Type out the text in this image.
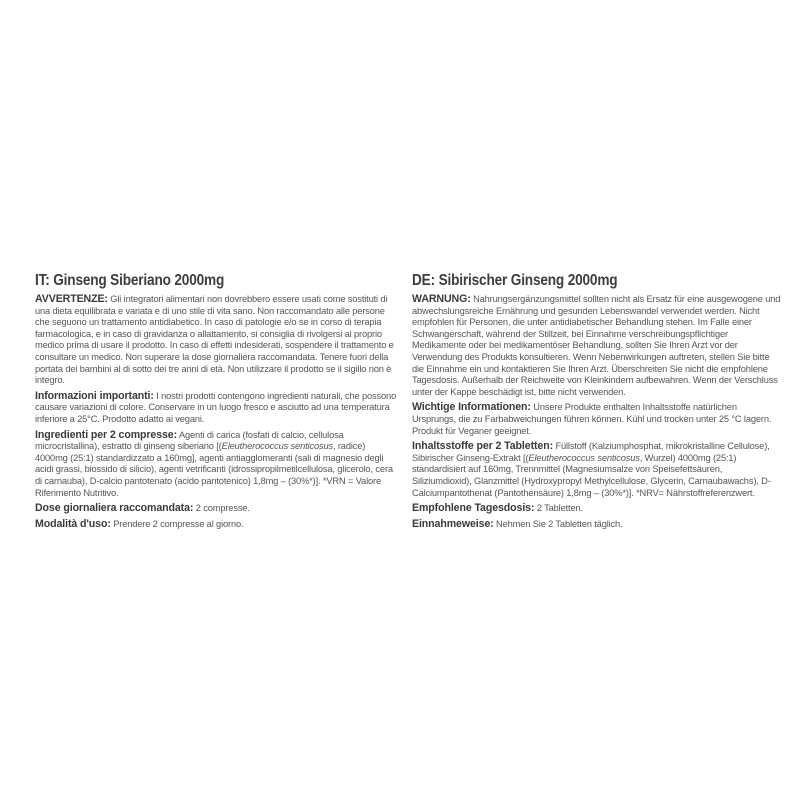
IT: Ginseng Siberiano 2000mg

AVVERTENZE: Gli integratori alimentari non dovrebbero essere usati come sostituti di una dieta equilibrata e variata e di uno stile di vita sano. Non raccomandato alle persone che seguono un trattamento antidiabetico. In caso di patologie e/o se in corso di terapia farmacologica, e in caso di gravidanza o allattamento, si consiglia di rivolgersi al proprio medico prima di usare il prodotto. In caso di effetti indesiderati, sospendere il trattamento e consultare un medico. Non superare la dose giornaliera raccomandata. Tenere fuori della portata dei bambini al di sotto dei tre anni di età. Non utilizzare il prodotto se il sigillo non è integro.

Informazioni importanti: I nostri prodotti contengono ingredienti naturali, che possono causare variazioni di colore. Conservare in un luogo fresco e asciutto ad una temperatura inferiore a 25°C. Prodotto adatto ai vegani.

Ingredienti per 2 compresse: Agenti di carica (fosfati di calcio, cellulosa microcristallina), estratto di ginseng siberiano [(Eleutherococcus senticosus, radice) 4000mg (25:1) standardizzato a 160mg], agenti antiagglomeranti (sali di magnesio degli acidi grassi, biossido di silicio), agenti vetrificanti (idrossipropilmetilcellulosa, glicerolo, cera di carnauba), D-calcio pantotenato (acido pantotenico) 1,8mg – (30%*)]. *VRN = Valore Riferimento Nutritivo.

Dose giornaliera raccomandata: 2 compresse.

Modalità d'uso: Prendere 2 compresse al giorno.

DE: Sibirischer Ginseng 2000mg

WARNUNG: Nahrungsergänzungsmittel sollten nicht als Ersatz für eine ausgewogene und abwechslungsreiche Ernährung und gesunden Lebenswandel verwendet werden. Nicht empfohlen für Personen, die unter antidiabetischer Behandlung stehen. Im Falle einer Schwangerschaft, während der Stillzeit, bei Einnahme verschreibungspflichtiger Medikamente oder bei medikamentöser Behandlung, sollten Sie Ihren Arzt vor der Verwendung des Produkts konsultieren. Wenn Nebenwirkungen auftreten, stellen Sie bitte die Einnahme ein und kontaktieren Sie Ihren Arzt. Überschreiten Sie nicht die empfohlene Tagesdosis. Außerhalb der Reichweite von Kleinkindern aufbewahren. Wenn der Verschluss unter der Kappe beschädigt ist, bitte nicht verwenden.

Wichtige Informationen: Unsere Produkte enthalten Inhaltsstoffe natürlichen Ursprungs, die zu Farbabweichungen führen können. Kühl und trocken unter 25 °C lagern. Produkt für Veganer geeignet.

Inhaltsstoffe per 2 Tabletten: Füllstoff (Kalziumphosphat, mikrokristalline Cellulose), Sibirischer Ginseng-Extrakt [(Eleutherococcus senticosus, Wurzel) 4000mg (25:1) standardisiert auf 160mg, Trennmittel (Magnesiumsalze von Speisefettsäuren, Siliziumdioxid), Glanzmittel (Hydroxypropyl Methylcellulose, Glycerin, Carnaubawachs), D-Calciumpantothenat (Pantothensäure) 1,8mg – (30%*)]. *NRV= Nährstoffreferenzwert.

Empfohlene Tagesdosis: 2 Tabletten.

Einnahmeweise: Nehmen Sie 2 Tabletten täglich.
